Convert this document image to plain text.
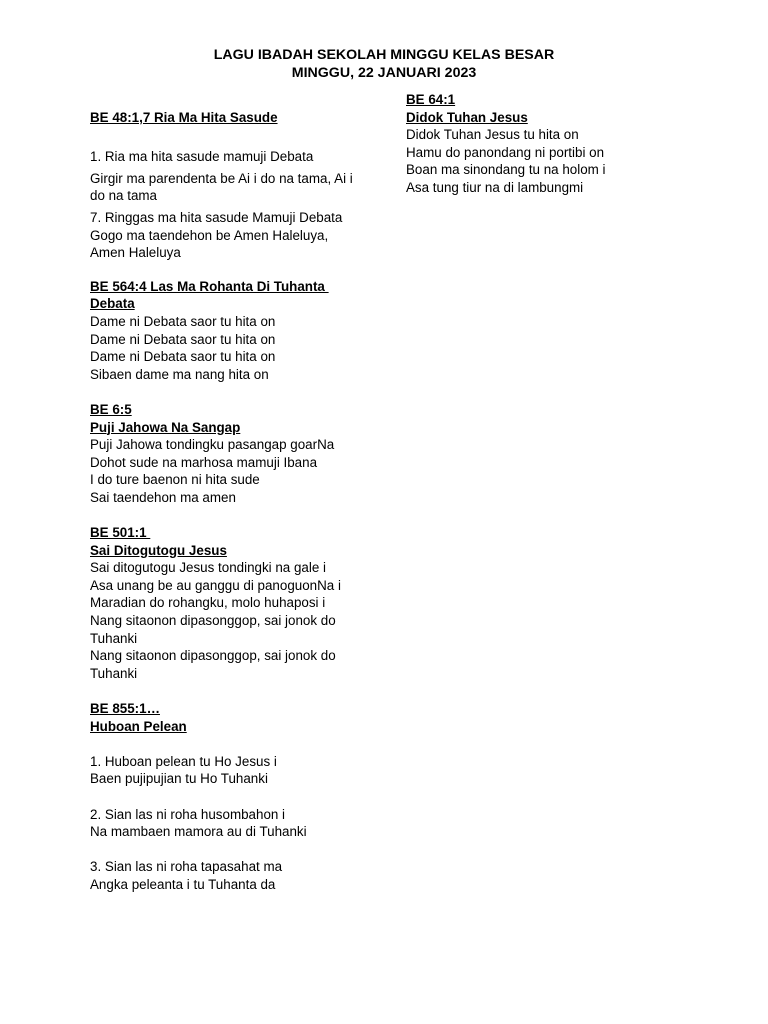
LAGU IBADAH SEKOLAH MINGGU KELAS BESAR
MINGGU, 22 JANUARI 2023
BE 48:1,7 Ria Ma Hita Sasude
1. Ria ma hita sasude mamuji Debata
Girgir ma parendenta be Ai i do na tama, Ai i do na tama
7. Ringgas ma hita sasude Mamuji Debata
Gogo ma taendehon be Amen Haleluya, Amen Haleluya
BE 564:4 Las Ma Rohanta Di Tuhanta
Debata
Dame ni Debata saor tu hita on
Dame ni Debata saor tu hita on
Dame ni Debata saor tu hita on
Sibaen dame ma nang hita on
BE 6:5
Puji Jahowa Na Sangap
Puji Jahowa tondingku pasangap goarNa
Dohot sude na marhosa mamuji Ibana
I do ture baenon ni hita sude
Sai taendehon ma amen
BE 501:1
Sai Ditogutogu Jesus
Sai ditogutogu Jesus tondingki na gale i
Asa unang be au ganggu di panoguonNa i
Maradian do rohangku, molo huhaposi i
Nang sitaonon dipasonggop, sai jonok do Tuhanki
Nang sitaonon dipasonggop, sai jonok do Tuhanki
BE 855:1…
Huboan Pelean
1. Huboan pelean tu Ho Jesus i
Baen pujipujian tu Ho Tuhanki
2. Sian las ni roha husombahon i
Na mambaen mamora au di Tuhanki
3. Sian las ni roha tapasahat ma
Angka peleanta i tu Tuhanta da
BE 64:1
Didok Tuhan Jesus
Didok Tuhan Jesus tu hita on
Hamu do panondang ni portibi on
Boan ma sinondang tu na holom i
Asa tung tiur na di lambungmi
